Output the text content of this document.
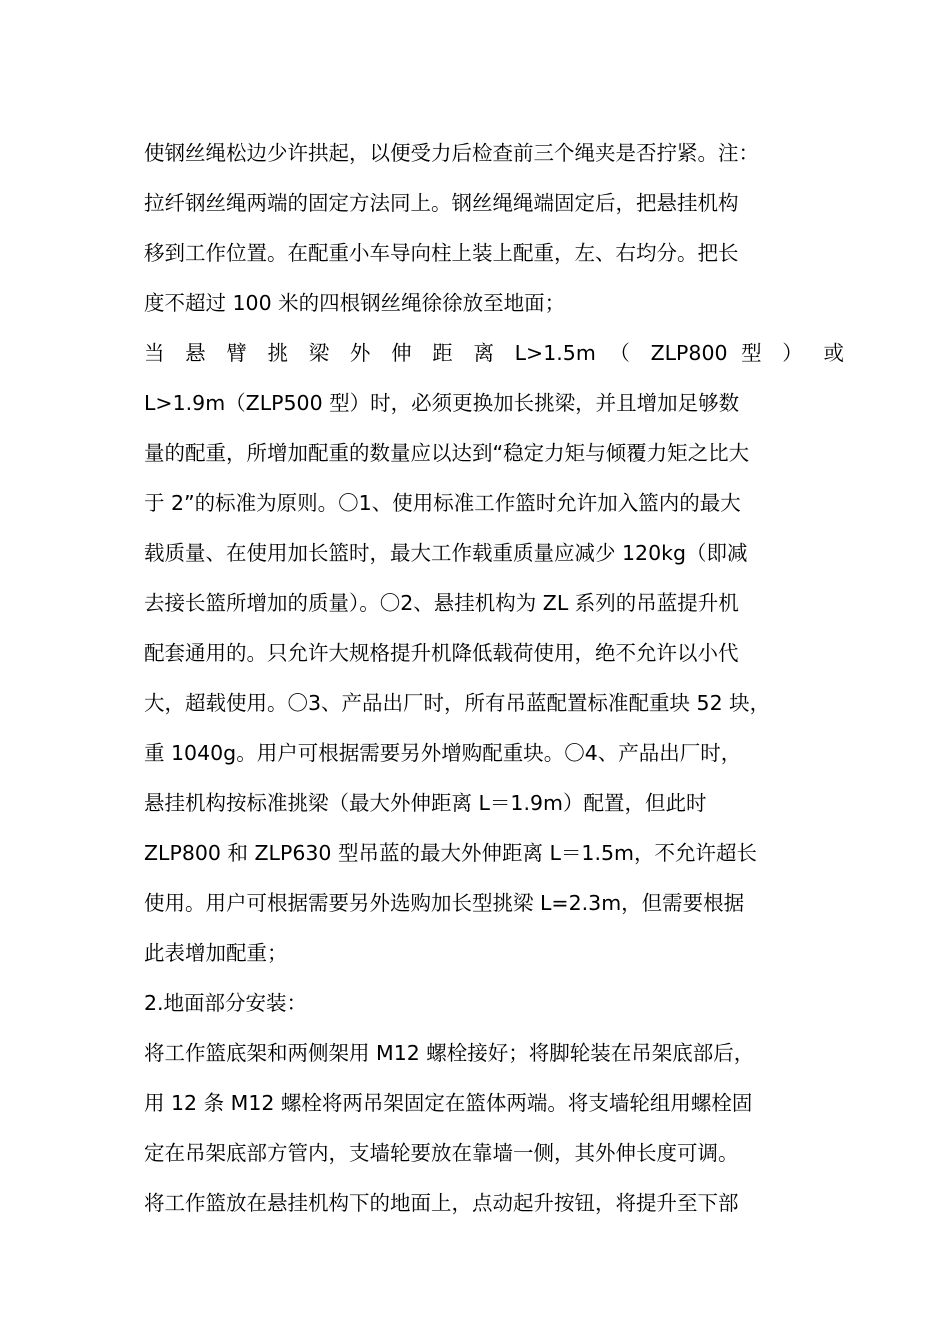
使钢丝绳松边少许拱起，以便受力后检查前三个绳夹是否拧紧。注：
拉纤钢丝绳两端的固定方法同上。钢丝绳绳端固定后，把悬挂机构
移到工作位置。在配重小车导向柱上装上配重，左、右均分。把长
度不超过 100 米的四根钢丝绳徐徐放至地面；
当 悬 臂 挑 梁 外 伸 距 离 L>1.5m （ ZLP800 型 ） 或
L>1.9m（ZLP500 型）时，必须更换加长挑梁，并且增加足够数
量的配重，所增加配重的数量应以达到“稳定力矩与倾覆力矩之比大
于 2”的标准为原则。〇1、使用标准工作篮时允许加入篮内的最大
载质量、在使用加长篮时，最大工作载重质量应减少 120kg（即减
去接长篮所增加的质量）。〇2、悬挂机构为 ZL 系列的吊蓝提升机
配套通用的。只允许大规格提升机降低载荷使用，绝不允许以小代
大，超载使用。〇3、产品出厂时，所有吊蓝配置标准配重块 52 块，
重 1040g。用户可根据需要另外增购配重块。〇4、产品出厂时，
悬挂机构按标准挑梁（最大外伸距离 L＝1.9m）配置，但此时
ZLP800 和 ZLP630 型吊蓝的最大外伸距离 L＝1.5m，不允许超长
使用。用户可根据需要另外选购加长型挑梁 L=2.3m，但需要根据
此表增加配重；
2.地面部分安装：
将工作篮底架和两侧架用 M12 螺栓接好；将脚轮装在吊架底部后，
用 12 条 M12 螺栓将两吊架固定在篮体两端。将支墙轮组用螺栓固
定在吊架底部方管内，支墙轮要放在靠墙一侧，其外伸长度可调。
将工作篮放在悬挂机构下的地面上，点动起升按钮，将提升至下部
